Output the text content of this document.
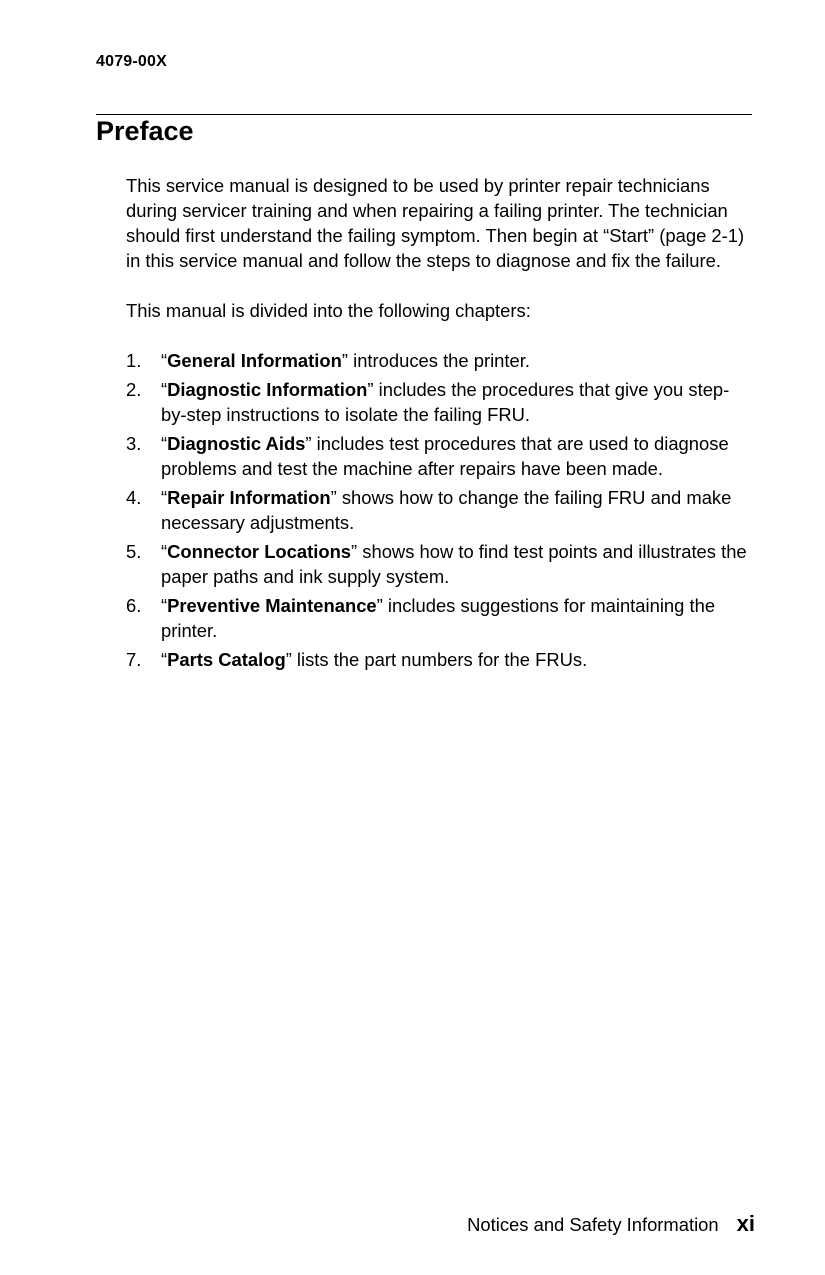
4079-00X
Preface

This service manual is designed to be used by printer repair technicians during servicer training and when repairing a failing printer. The technician should first understand the failing symptom. Then begin at “Start” (page 2-1) in this service manual and follow the steps to diagnose and fix the failure.

This manual is divided into the following chapters:

1. “General Information” introduces the printer.
2. “Diagnostic Information” includes the procedures that give you step-by-step instructions to isolate the failing FRU.
3. “Diagnostic Aids” includes test procedures that are used to diagnose problems and test the machine after repairs have been made.
4. “Repair Information” shows how to change the failing FRU and make necessary adjustments.
5. “Connector Locations” shows how to find test points and illustrates the paper paths and ink supply system.
6. “Preventive Maintenance” includes suggestions for maintaining the printer.
7. “Parts Catalog” lists the part numbers for the FRUs.
Notices and Safety Information xi
